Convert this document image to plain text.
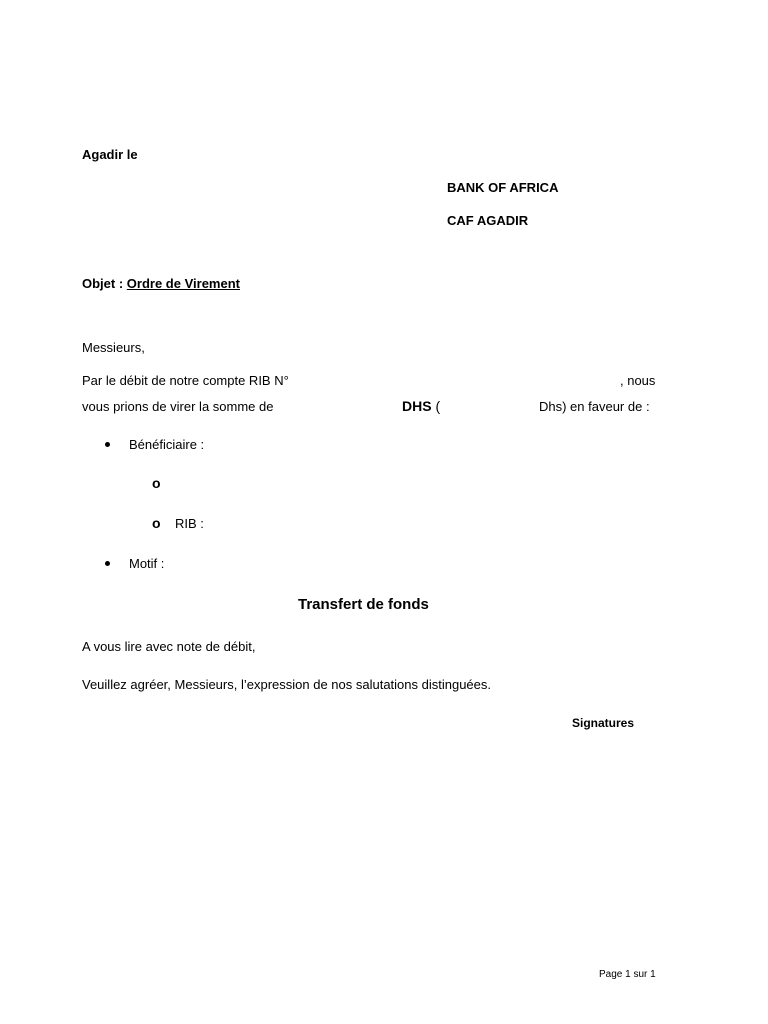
Agadir le
BANK OF AFRICA
CAF AGADIR
Objet : Ordre de Virement
Messieurs,
Par le débit de notre compte RIB N°	, nous
vous prions de virer la somme de	DHS (	Dhs) en faveur de :
Bénéficiaire :
o
o RIB :
Motif :
Transfert de fonds
A vous lire avec note de débit,
Veuillez agréer, Messieurs, l’expression de nos salutations distinguées.
Signatures
Page 1 sur 1
